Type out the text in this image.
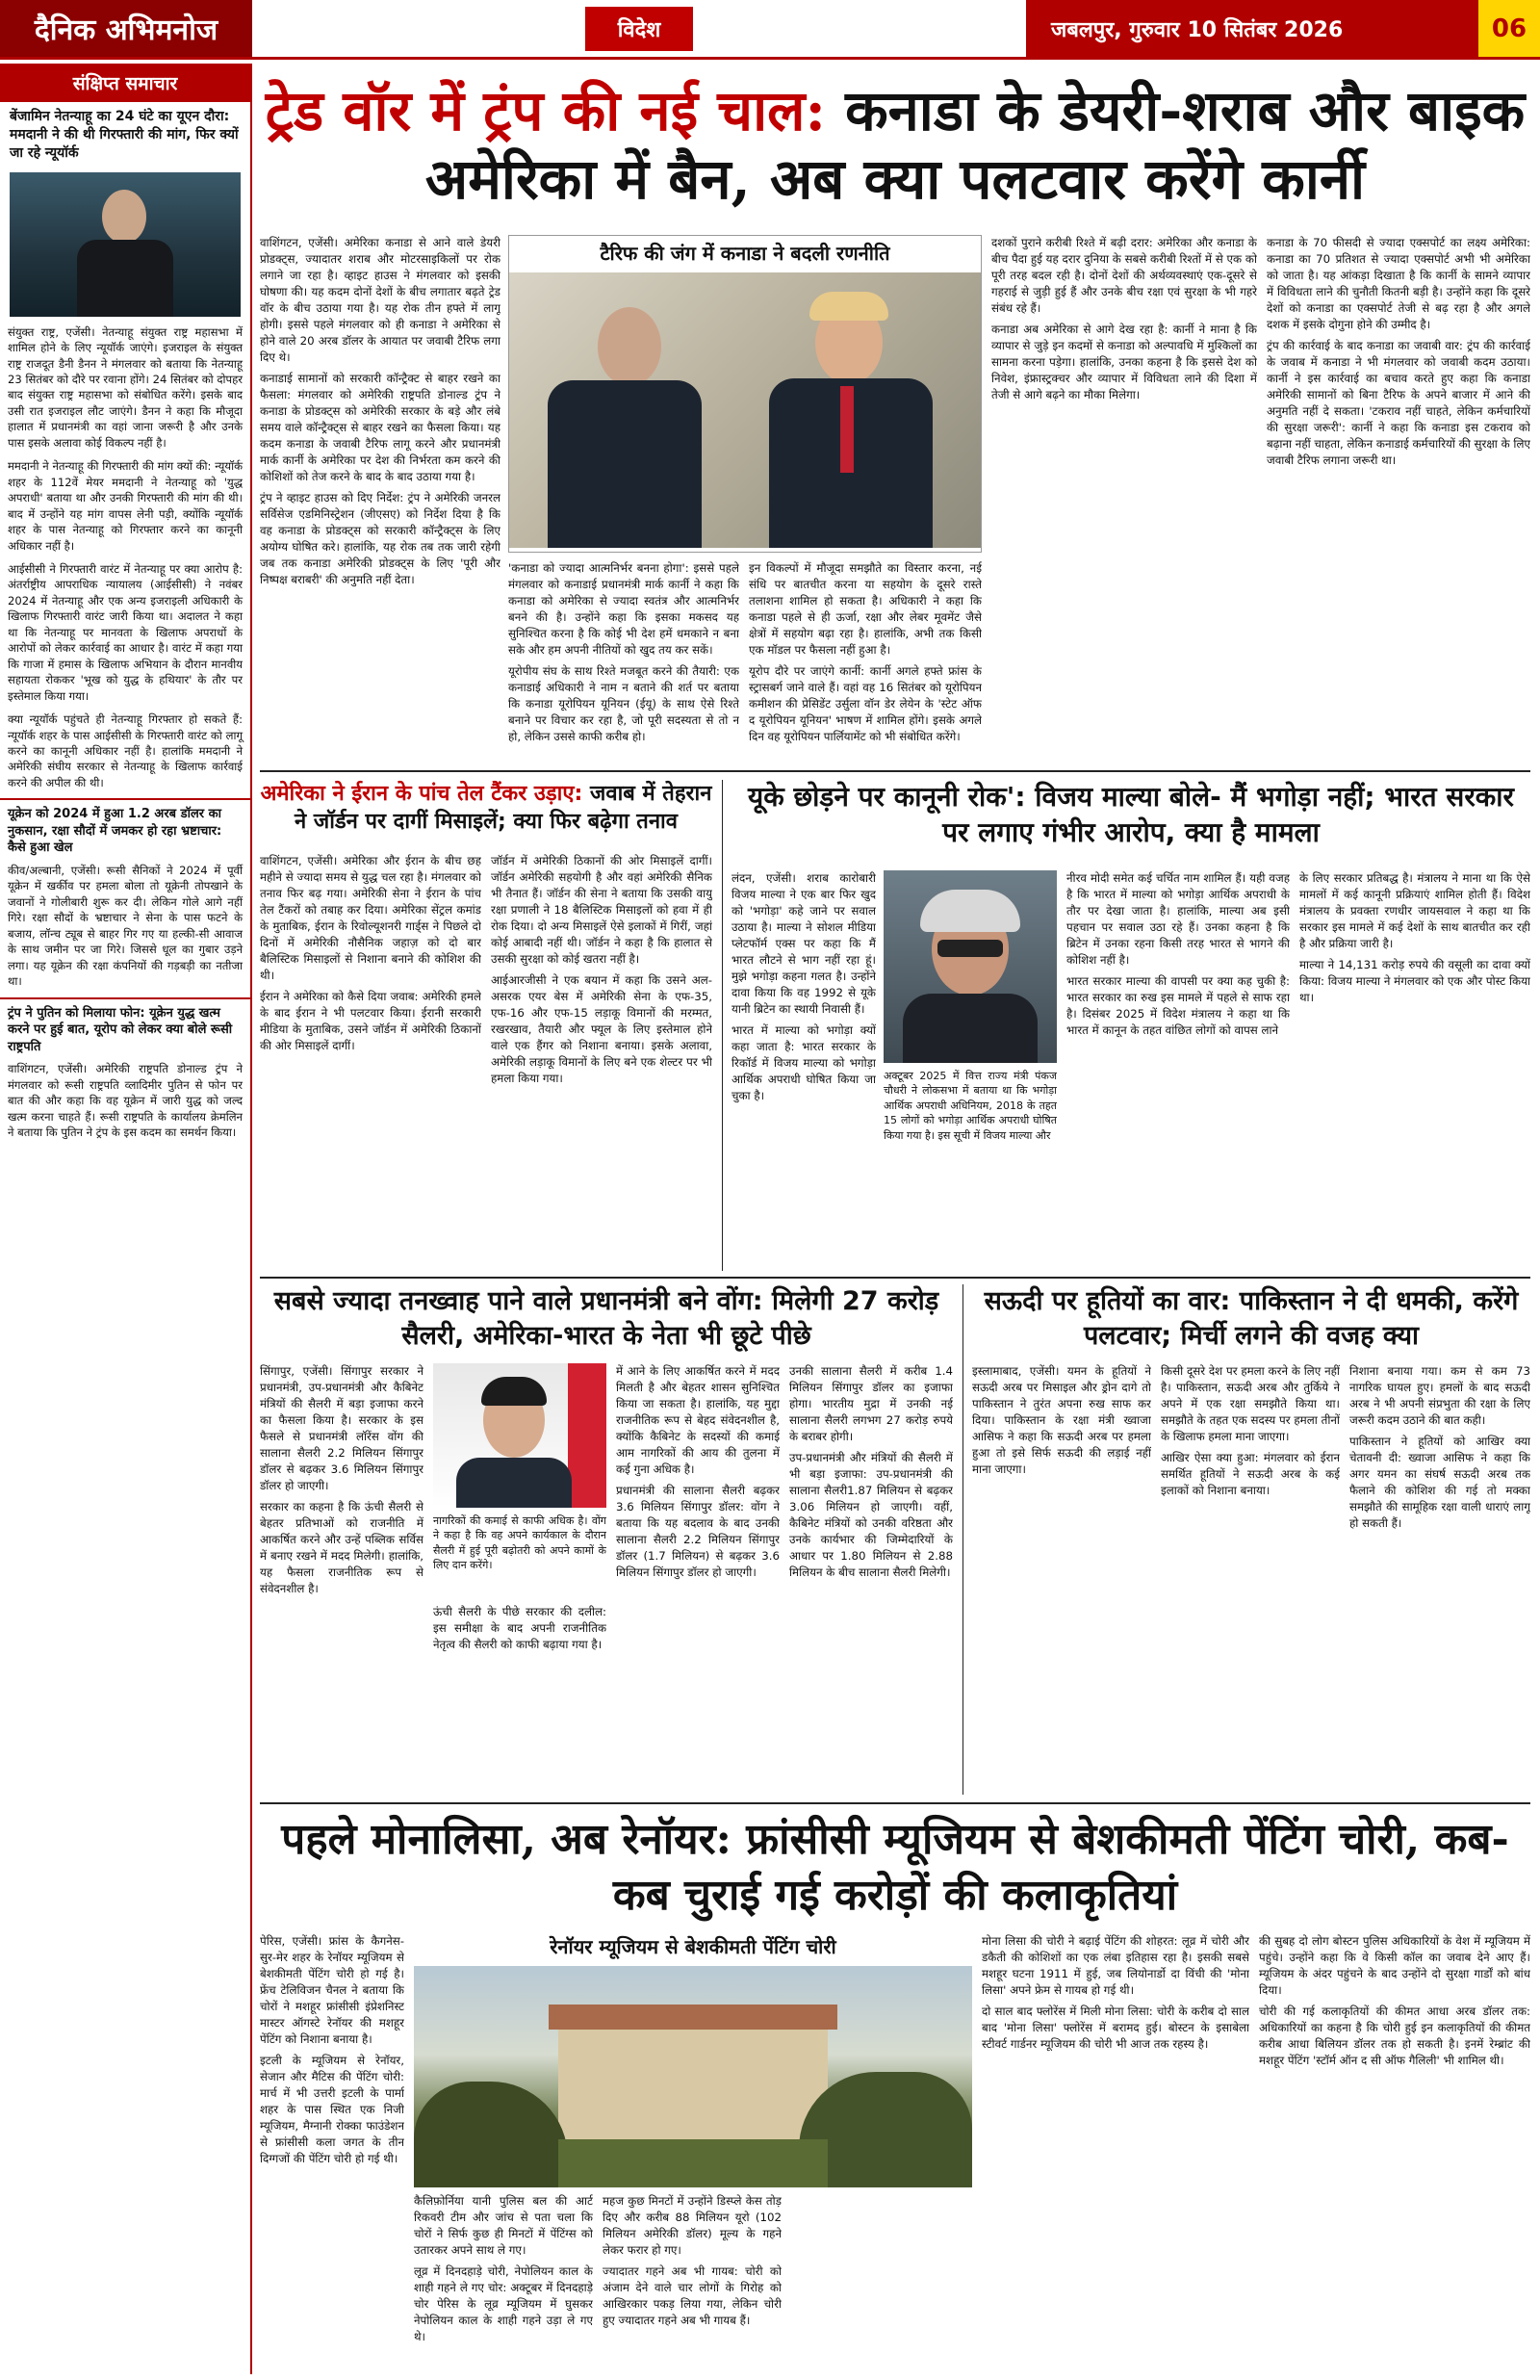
दैनिक अभिमनोज	विदेश	जबलपुर, गुरुवार 10 सितंबर 2026	06
संक्षिप्त समाचार
बेंजामिन नेतन्याहू का 24 घंटे का यूएन दौरा: ममदानी ने की थी गिरफ्तारी की मांग, फिर क्यों जा रहे न्यूयॉर्क
संयुक्त राष्ट्र, एजेंसी। नेतन्याहू संयुक्त राष्ट्र महासभा में शामिल होने के लिए न्यूयॉर्क जाएंगे। इजराइल के संयुक्त राष्ट्र राजदूत डैनी डैनन ने मंगलवार को बताया कि नेतन्याहू 23 सितंबर को दौरे पर रवाना होंगे। 24 सितंबर को दोपहर बाद संयुक्त राष्ट्र महासभा को संबोधित करेंगे। इसके बाद उसी रात इजराइल लौट जाएंगे। डैनन ने कहा कि मौजूदा हालात में प्रधानमंत्री का वहां जाना जरूरी है और उनके पास इसके अलावा कोई विकल्प नहीं है।
ममदानी ने नेतन्याहू की गिरफ्तारी की मांग क्यों की: न्यूयॉर्क शहर के 112वें मेयर ममदानी ने नेतन्याहू को 'युद्ध अपराधी' बताया था और उनकी गिरफ्तारी की मांग की थी। बाद में उन्होंने यह मांग वापस लेनी पड़ी, क्योंकि न्यूयॉर्क शहर के पास नेतन्याहू को गिरफ्तार करने का कानूनी अधिकार नहीं है।
आईसीसी ने गिरफ्तारी वारंट में नेतन्याहू पर क्या आरोप है: अंतर्राष्ट्रीय आपराधिक न्यायालय (आईसीसी) ने नवंबर 2024 में नेतन्याहू और एक अन्य इजराइली अधिकारी के खिलाफ गिरफ्तारी वारंट जारी किया था। अदालत ने कहा था कि नेतन्याहू पर मानवता के खिलाफ अपराधों के आरोपों को लेकर कार्रवाई का आधार है। वारंट में कहा गया कि गाजा में हमास के खिलाफ अभियान के दौरान मानवीय सहायता रोककर 'भूख को युद्ध के हथियार' के तौर पर इस्तेमाल किया गया।
क्या न्यूयॉर्क पहुंचते ही नेतन्याहू गिरफ्तार हो सकते हैं: न्यूयॉर्क शहर के पास आईसीसी के गिरफ्तारी वारंट को लागू करने का कानूनी अधिकार नहीं है। हालांकि ममदानी ने अमेरिकी संघीय सरकार से नेतन्याहू के खिलाफ कार्रवाई करने की अपील की थी।
यूक्रेन को 2024 में हुआ 1.2 अरब डॉलर का नुकसान, रक्षा सौदों में जमकर हो रहा भ्रष्टाचार: कैसे हुआ खेल
कीव/अल्बानी, एजेंसी। रूसी सैनिकों ने 2024 में पूर्वी यूक्रेन में खर्कीव पर हमला बोला तो यूक्रेनी तोपखाने के जवानों ने गोलीबारी शुरू कर दी। लेकिन गोले आगे नहीं गिरे। रक्षा सौदों के भ्रष्टाचार ने सेना के पास फटने के बजाय, लॉन्च ट्यूब से बाहर गिर गए या हल्की-सी आवाज के साथ जमीन पर जा गिरे। जिससे धूल का गुबार उड़ने लगा। यह यूक्रेन की रक्षा कंपनियों की गड़बड़ी का नतीजा था।
ट्रंप ने पुतिन को मिलाया फोन: यूक्रेन युद्ध खत्म करने पर हुई बात, यूरोप को लेकर क्या बोले रूसी राष्ट्रपति
वाशिंगटन, एजेंसी। अमेरिकी राष्ट्रपति डोनाल्ड ट्रंप ने मंगलवार को रूसी राष्ट्रपति व्लादिमीर पुतिन से फोन पर बात की और कहा कि वह यूक्रेन में जारी युद्ध को जल्द खत्म करना चाहते हैं। रूसी राष्ट्रपति के कार्यालय क्रेमलिन ने बताया कि पुतिन ने ट्रंप के इस कदम का समर्थन किया।
ट्रेड वॉर में ट्रंप की नई चाल: कनाडा के डेयरी-शराब और बाइक अमेरिका में बैन, अब क्या पलटवार करेंगे कार्नी

वाशिंगटन, एजेंसी। अमेरिका कनाडा से आने वाले डेयरी प्रोडक्ट्स, ज्यादातर शराब और मोटरसाइकिलों पर रोक लगाने जा रहा है। व्हाइट हाउस ने मंगलवार को इसकी घोषणा की। यह कदम दोनों देशों के बीच लगातार बढ़ते ट्रेड वॉर के बीच उठाया गया है। यह रोक तीन हफ्ते में लागू होगी। इससे पहले मंगलवार को ही कनाडा ने अमेरिका से होने वाले 20 अरब डॉलर के आयात पर जवाबी टैरिफ लगा दिए थे।

कनाडाई सामानों को सरकारी कॉन्ट्रैक्ट से बाहर रखने का फैसला: मंगलवार को अमेरिकी राष्ट्रपति डोनाल्ड ट्रंप ने कनाडा के प्रोडक्ट्स को अमेरिकी सरकार के बड़े और लंबे समय वाले कॉन्ट्रैक्ट्स से बाहर रखने का फैसला किया। यह कदम कनाडा के जवाबी टैरिफ लागू करने और प्रधानमंत्री मार्क कार्नी के अमेरिका पर देश की निर्भरता कम करने की कोशिशों को तेज करने के बाद के बाद उठाया गया है।

ट्रंप ने व्हाइट हाउस को दिए निर्देश: ट्रंप ने अमेरिकी जनरल सर्विसेज एडमिनिस्ट्रेशन (जीएसए) को निर्देश दिया है कि वह कनाडा के प्रोडक्ट्स को सरकारी कॉन्ट्रैक्ट्स के लिए अयोग्य घोषित करे। हालांकि, यह रोक तब तक जारी रहेगी जब तक कनाडा अमेरिकी प्रोडक्ट्स के लिए 'पूरी और निष्पक्ष बराबरी' की अनुमति नहीं देता।

टैरिफ की जंग में कनाडा ने बदली रणनीति

'कनाडा को ज्यादा आत्मनिर्भर बनना होगा': इससे पहले मंगलवार को कनाडाई प्रधानमंत्री मार्क कार्नी ने कहा कि कनाडा को अमेरिका से ज्यादा स्वतंत्र और आत्मनिर्भर बनने की है। उन्होंने कहा कि इसका मकसद यह सुनिश्चित करना है कि कोई भी देश हमें धमकाने न बना सके और हम अपनी नीतियों को खुद तय कर सकें।

यूरोपीय संघ के साथ रिश्ते मजबूत करने की तैयारी: एक कनाडाई अधिकारी ने नाम न बताने की शर्त पर बताया कि कनाडा यूरोपियन यूनियन (ईयू) के साथ ऐसे रिश्ते बनाने पर विचार कर रहा है, जो पूरी सदस्यता से तो न हो, लेकिन उससे काफी करीब हो।

इन विकल्पों में मौजूदा समझौते का विस्तार करना, नई संधि पर बातचीत करना या सहयोग के दूसरे रास्ते तलाशना शामिल हो सकता है। अधिकारी ने कहा कि कनाडा पहले से ही ऊर्जा, रक्षा और लेबर मूवमेंट जैसे क्षेत्रों में सहयोग बढ़ा रहा है। हालांकि, अभी तक किसी एक मॉडल पर फैसला नहीं हुआ है।

यूरोप दौरे पर जाएंगे कार्नी: कार्नी अगले हफ्ते फ्रांस के स्ट्रासबर्ग जाने वाले हैं। वहां वह 16 सितंबर को यूरोपियन कमीशन की प्रेसिडेंट उर्सुला वॉन डेर लेयेन के 'स्टेट ऑफ द यूरोपियन यूनियन' भाषण में शामिल होंगे। इसके अगले दिन वह यूरोपियन पार्लियामेंट को भी संबोधित करेंगे।

दशकों पुराने करीबी रिश्ते में बढ़ी दरार: अमेरिका और कनाडा के बीच पैदा हुई यह दरार दुनिया के सबसे करीबी रिश्तों में से एक को पूरी तरह बदल रही है। दोनों देशों की अर्थव्यवस्थाएं एक-दूसरे से गहराई से जुड़ी हुई हैं और उनके बीच रक्षा एवं सुरक्षा के भी गहरे संबंध रहे हैं।

कनाडा अब अमेरिका से आगे देख रहा है: कार्नी ने माना है कि व्यापार से जुड़े इन कदमों से कनाडा को अल्पावधि में मुश्किलों का सामना करना पड़ेगा। हालांकि, उनका कहना है कि इससे देश को निवेश, इंफ्रास्ट्रक्चर और व्यापार में विविधता लाने की दिशा में तेजी से आगे बढ़ने का मौका मिलेगा।

कनाडा के 70 फीसदी से ज्यादा एक्सपोर्ट का लक्ष्य अमेरिका: कनाडा का 70 प्रतिशत से ज्यादा एक्सपोर्ट अभी भी अमेरिका को जाता है। यह आंकड़ा दिखाता है कि कार्नी के सामने व्यापार में विविधता लाने की चुनौती कितनी बड़ी है। उन्होंने कहा कि दूसरे देशों को कनाडा का एक्सपोर्ट तेजी से बढ़ रहा है और अगले दशक में इसके दोगुना होने की उम्मीद है।

ट्रंप की कार्रवाई के बाद कनाडा का जवाबी वार: ट्रंप की कार्रवाई के जवाब में कनाडा ने भी मंगलवार को जवाबी कदम उठाया। कार्नी ने इस कार्रवाई का बचाव करते हुए कहा कि कनाडा अमेरिकी सामानों को बिना टैरिफ के अपने बाजार में आने की अनुमति नहीं दे सकता। 'टकराव नहीं चाहते, लेकिन कर्मचारियों की सुरक्षा जरूरी': कार्नी ने कहा कि कनाडा इस टकराव को बढ़ाना नहीं चाहता, लेकिन कनाडाई कर्मचारियों की सुरक्षा के लिए जवाबी टैरिफ लगाना जरूरी था।

अमेरिका ने ईरान के पांच तेल टैंकर उड़ाए: जवाब में तेहरान ने जॉर्डन पर दागीं मिसाइलें; क्या फिर बढ़ेगा तनाव

वाशिंगटन, एजेंसी। अमेरिका और ईरान के बीच छह महीने से ज्यादा समय से युद्ध चल रहा है। मंगलवार को तनाव फिर बढ़ गया। अमेरिकी सेना ने ईरान के पांच तेल टैंकरों को तबाह कर दिया। अमेरिका सेंट्रल कमांड के मुताबिक, ईरान के रिवोल्यूशनरी गार्ड्स ने पिछले दो दिनों में अमेरिकी नौसैनिक जहाज़ को दो बार बैलिस्टिक मिसाइलों से निशाना बनाने की कोशिश की थी।

ईरान ने अमेरिका को कैसे दिया जवाब: अमेरिकी हमले के बाद ईरान ने भी पलटवार किया। ईरानी सरकारी मीडिया के मुताबिक, उसने जॉर्डन में अमेरिकी ठिकानों की ओर मिसाइलें दागीं।

जॉर्डन में अमेरिकी ठिकानों की ओर मिसाइलें दागीं। जॉर्डन अमेरिकी सहयोगी है और वहां अमेरिकी सैनिक भी तैनात हैं। जॉर्डन की सेना ने बताया कि उसकी वायु रक्षा प्रणाली ने 18 बैलिस्टिक मिसाइलों को हवा में ही रोक दिया। दो अन्य मिसाइलें ऐसे इलाकों में गिरीं, जहां कोई आबादी नहीं थी। जॉर्डन ने कहा है कि हालात से उसकी सुरक्षा को कोई खतरा नहीं है।

आईआरजीसी ने एक बयान में कहा कि उसने अल-असरक एयर बेस में अमेरिकी सेना के एफ-35, एफ-16 और एफ-15 लड़ाकू विमानों की मरम्मत, रखरखाव, तैयारी और फ्यूल के लिए इस्तेमाल होने वाले एक हैंगर को निशाना बनाया। इसके अलावा, अमेरिकी लड़ाकू विमानों के लिए बने एक शेल्टर पर भी हमला किया गया।

यूके छोड़ने पर कानूनी रोक': विजय माल्या बोले- मैं भगोड़ा नहीं; भारत सरकार पर लगाए गंभीर आरोप, क्या है मामला

लंदन, एजेंसी। शराब कारोबारी विजय माल्या ने एक बार फिर खुद को 'भगोड़ा' कहे जाने पर सवाल उठाया है। माल्या ने सोशल मीडिया प्लेटफॉर्म एक्स पर कहा कि मैं भारत लौटने से भाग नहीं रहा हूं। मुझे भगोड़ा कहना गलत है। उन्होंने दावा किया कि वह 1992 से यूके यानी ब्रिटेन का स्थायी निवासी हैं।

भारत में माल्या को भगोड़ा क्यों कहा जाता है: भारत सरकार के रिकॉर्ड में विजय माल्या को भगोड़ा आर्थिक अपराधी घोषित किया जा चुका है।

अक्टूबर 2025 में वित्त राज्य मंत्री पंकज चौधरी ने लोकसभा में बताया था कि भगोड़ा आर्थिक अपराधी अधिनियम, 2018 के तहत 15 लोगों को भगोड़ा आर्थिक अपराधी घोषित किया गया है। इस सूची में विजय माल्या और

नीरव मोदी समेत कई चर्चित नाम शामिल हैं। यही वजह है कि भारत में माल्या को भगोड़ा आर्थिक अपराधी के तौर पर देखा जाता है। हालांकि, माल्या अब इसी पहचान पर सवाल उठा रहे हैं। उनका कहना है कि ब्रिटेन में उनका रहना किसी तरह भारत से भागने की कोशिश नहीं है।

भारत सरकार माल्या की वापसी पर क्या कह चुकी है: भारत सरकार का रुख इस मामले में पहले से साफ रहा है। दिसंबर 2025 में विदेश मंत्रालय ने कहा था कि भारत में कानून के तहत वांछित लोगों को वापस लाने

के लिए सरकार प्रतिबद्ध है। मंत्रालय ने माना था कि ऐसे मामलों में कई कानूनी प्रक्रियाएं शामिल होती हैं। विदेश मंत्रालय के प्रवक्ता रणधीर जायसवाल ने कहा था कि सरकार इस मामले में कई देशों के साथ बातचीत कर रही है और प्रक्रिया जारी है।

माल्या ने 14,131 करोड़ रुपये की वसूली का दावा क्यों किया: विजय माल्या ने मंगलवार को एक और पोस्ट किया था।

सबसे ज्यादा तनख्वाह पाने वाले प्रधानमंत्री बने वोंग: मिलेगी 27 करोड़ सैलरी, अमेरिका-भारत के नेता भी छूटे पीछे

सिंगापुर, एजेंसी। सिंगापुर सरकार ने प्रधानमंत्री, उप-प्रधानमंत्री और कैबिनेट मंत्रियों की सैलरी में बड़ा इजाफा करने का फैसला किया है। सरकार के इस फैसले से प्रधानमंत्री लॉरेंस वोंग की सालाना सैलरी 2.2 मिलियन सिंगापुर डॉलर से बढ़कर 3.6 मिलियन सिंगापुर डॉलर हो जाएगी।

सरकार का कहना है कि ऊंची सैलरी से बेहतर प्रतिभाओं को राजनीति में आकर्षित करने और उन्हें पब्लिक सर्विस में बनाए रखने में मदद मिलेगी। हालांकि, यह फैसला राजनीतिक रूप से संवेदनशील है।

नागरिकों की कमाई से काफी अधिक है। वोंग ने कहा है कि वह अपने कार्यकाल के दौरान सैलरी में हुई पूरी बढ़ोतरी को अपने कामों के लिए दान करेंगे।

ऊंची सैलरी के पीछे सरकार की दलील: इस समीक्षा के बाद अपनी राजनीतिक नेतृत्व की सैलरी को काफी बढ़ाया गया है।

में आने के लिए आकर्षित करने में मदद मिलती है और बेहतर शासन सुनिश्चित किया जा सकता है। हालांकि, यह मुद्दा राजनीतिक रूप से बेहद संवेदनशील है, क्योंकि कैबिनेट के सदस्यों की कमाई आम नागरिकों की आय की तुलना में कई गुना अधिक है।

प्रधानमंत्री की सालाना सैलरी बढ़कर 3.6 मिलियन सिंगापुर डॉलर: वोंग ने बताया कि यह बदलाव के बाद उनकी सालाना सैलरी 2.2 मिलियन सिंगापुर डॉलर (1.7 मिलियन) से बढ़कर 3.6 मिलियन सिंगापुर डॉलर हो जाएगी।

उनकी सालाना सैलरी में करीब 1.4 मिलियन सिंगापुर डॉलर का इजाफा होगा। भारतीय मुद्रा में उनकी नई सालाना सैलरी लगभग 27 करोड़ रुपये के बराबर होगी।

उप-प्रधानमंत्री और मंत्रियों की सैलरी में भी बड़ा इजाफा: उप-प्रधानमंत्री की सालाना सैलरी1.87 मिलियन से बढ़कर 3.06 मिलियन हो जाएगी। वहीं, कैबिनेट मंत्रियों को उनकी वरिष्ठता और उनके कार्यभार की जिम्मेदारियों के आधार पर 1.80 मिलियन से 2.88 मिलियन के बीच सालाना सैलरी मिलेगी।

सऊदी पर हूतियों का वार: पाकिस्तान ने दी धमकी, करेंगे पलटवार; मिर्ची लगने की वजह क्या

इस्लामाबाद, एजेंसी। यमन के हूतियों ने सऊदी अरब पर मिसाइल और ड्रोन दागे तो पाकिस्तान ने तुरंत अपना रुख साफ कर दिया। पाकिस्तान के रक्षा मंत्री ख्वाजा आसिफ ने कहा कि सऊदी अरब पर हमला हुआ तो इसे सिर्फ सऊदी की लड़ाई नहीं माना जाएगा।

किसी दूसरे देश पर हमला करने के लिए नहीं है। पाकिस्तान, सऊदी अरब और तुर्किये ने अपने में एक रक्षा समझौते किया था। समझौते के तहत एक सदस्य पर हमला तीनों के खिलाफ हमला माना जाएगा।

आखिर ऐसा क्या हुआ: मंगलवार को ईरान समर्थित हूतियों ने सऊदी अरब के कई इलाकों को निशाना बनाया।

निशाना बनाया गया। कम से कम 73 नागरिक घायल हुए। हमलों के बाद सऊदी अरब ने भी अपनी संप्रभुता की रक्षा के लिए जरूरी कदम उठाने की बात कही।

पाकिस्तान ने हूतियों को आखिर क्या चेतावनी दी: ख्वाजा आसिफ ने कहा कि अगर यमन का संघर्ष सऊदी अरब तक फैलाने की कोशिश की गई तो मक्का समझौते की सामूहिक रक्षा वाली धाराएं लागू हो सकती हैं।

पहले मोनालिसा, अब रेनॉयर: फ्रांसीसी म्यूजियम से बेशकीमती पेंटिंग चोरी, कब-कब चुराई गई करोड़ों की कलाकृतियां

पेरिस, एजेंसी। फ्रांस के कैगनेस-सुर-मेर शहर के रेनॉयर म्यूजियम से बेशकीमती पेंटिंग चोरी हो गई है। फ्रेंच टेलिविजन चैनल ने बताया कि चोरों ने मशहूर फ्रांसीसी इंप्रेशनिस्ट मास्टर ऑगस्टे रेनॉयर की मशहूर पेंटिंग को निशाना बनाया है।

इटली के म्यूजियम से रेनॉयर, सेजान और मैटिस की पेंटिंग चोरी: मार्च में भी उत्तरी इटली के पार्मा शहर के पास स्थित एक निजी म्यूजियम, मैग्नानी रोक्का फाउंडेशन से फ्रांसीसी कला जगत के तीन दिग्गजों की पेंटिंग चोरी हो गई थी।

रेनॉयर म्यूजियम से बेशकीमती पेंटिंग चोरी

कैलिफ़ोर्निया यानी पुलिस बल की आर्ट रिकवरी टीम और जांच से पता चला कि चोरों ने सिर्फ कुछ ही मिनटों में पेंटिंग्स को उतारकर अपने साथ ले गए।

लूव्र में दिनदहाड़े चोरी, नेपोलियन काल के शाही गहने ले गए चोर: अक्टूबर में दिनदहाड़े चोर पेरिस के लूव्र म्यूजियम में घुसकर नेपोलियन काल के शाही गहने उड़ा ले गए थे।

महज कुछ मिनटों में उन्होंने डिस्प्ले केस तोड़ दिए और करीब 88 मिलियन यूरो (102 मिलियन अमेरिकी डॉलर) मूल्य के गहने लेकर फरार हो गए।

ज्यादातर गहने अब भी गायब: चोरी को अंजाम देने वाले चार लोगों के गिरोह को आखिरकार पकड़ लिया गया, लेकिन चोरी हुए ज्यादातर गहने अब भी गायब हैं।

मोना लिसा की चोरी ने बढ़ाई पेंटिंग की शोहरत: लूव्र में चोरी और डकैती की कोशिशों का एक लंबा इतिहास रहा है। इसकी सबसे मशहूर घटना 1911 में हुई, जब लियोनार्डो दा विंची की 'मोना लिसा' अपने फ्रेम से गायब हो गई थी।

दो साल बाद फ्लोरेंस में मिली मोना लिसा: चोरी के करीब दो साल बाद 'मोना लिसा' फ्लोरेंस में बरामद हुई। बोस्टन के इसाबेला स्टीवर्ट गार्डनर म्यूजियम की चोरी भी आज तक रहस्य है।

की सुबह दो लोग बोस्टन पुलिस अधिकारियों के वेश में म्यूजियम में पहुंचे। उन्होंने कहा कि वे किसी कॉल का जवाब देने आए हैं। म्यूजियम के अंदर पहुंचने के बाद उन्होंने दो सुरक्षा गार्डों को बांध दिया।

चोरी की गई कलाकृतियों की कीमत आधा अरब डॉलर तक: अधिकारियों का कहना है कि चोरी हुई इन कलाकृतियों की कीमत करीब आधा बिलियन डॉलर तक हो सकती है। इनमें रेम्ब्रांट की मशहूर पेंटिंग 'स्टॉर्म ऑन द सी ऑफ गैलिली' भी शामिल थी।
